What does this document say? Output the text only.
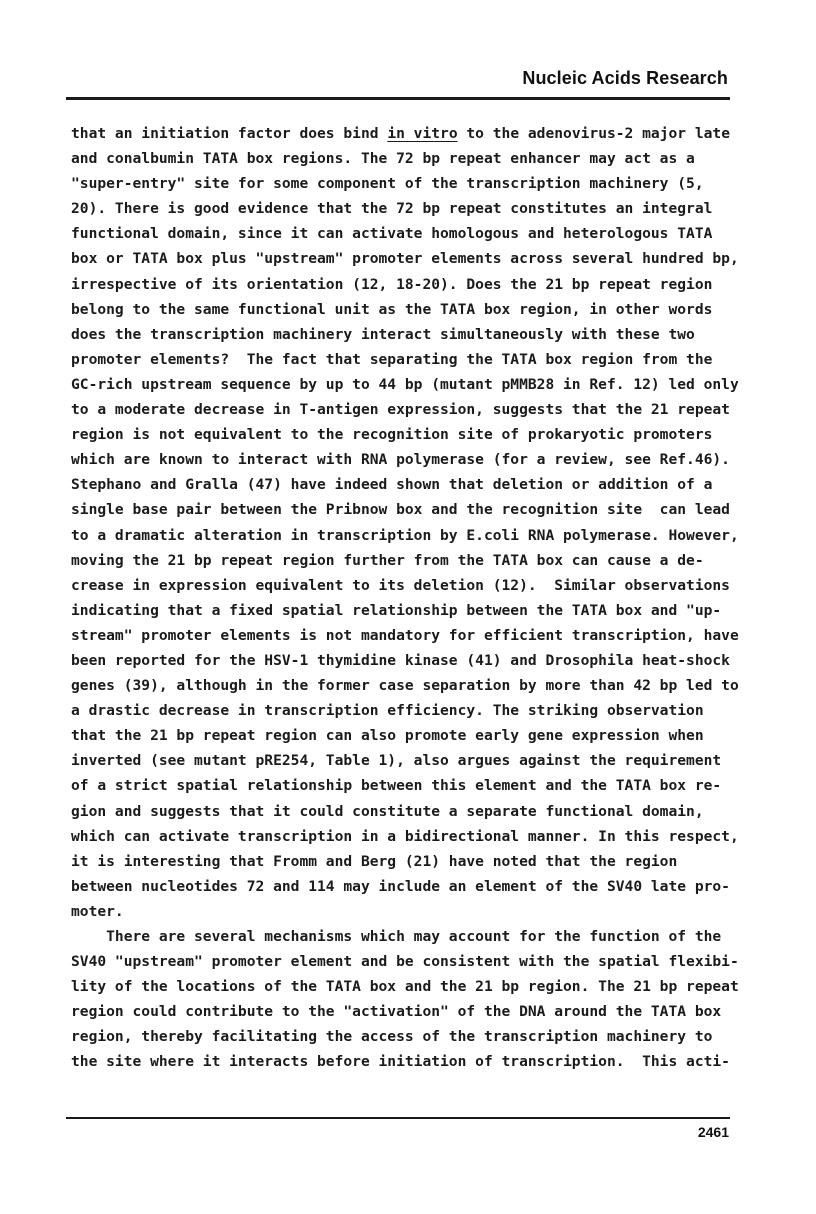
Nucleic Acids Research
that an initiation factor does bind in vitro to the adenovirus-2 major late
and conalbumin TATA box regions. The 72 bp repeat enhancer may act as a
"super-entry" site for some component of the transcription machinery (5,
20). There is good evidence that the 72 bp repeat constitutes an integral
functional domain, since it can activate homologous and heterologous TATA
box or TATA box plus "upstream" promoter elements across several hundred bp,
irrespective of its orientation (12, 18-20). Does the 21 bp repeat region
belong to the same functional unit as the TATA box region, in other words
does the transcription machinery interact simultaneously with these two
promoter elements?  The fact that separating the TATA box region from the
GC-rich upstream sequence by up to 44 bp (mutant pMMB28 in Ref. 12) led only
to a moderate decrease in T-antigen expression, suggests that the 21 repeat
region is not equivalent to the recognition site of prokaryotic promoters
which are known to interact with RNA polymerase (for a review, see Ref.46).
Stephano and Gralla (47) have indeed shown that deletion or addition of a
single base pair between the Pribnow box and the recognition site  can lead
to a dramatic alteration in transcription by E.coli RNA polymerase. However,
moving the 21 bp repeat region further from the TATA box can cause a de-
crease in expression equivalent to its deletion (12).  Similar observations
indicating that a fixed spatial relationship between the TATA box and "up-
stream" promoter elements is not mandatory for efficient transcription, have
been reported for the HSV-1 thymidine kinase (41) and Drosophila heat-shock
genes (39), although in the former case separation by more than 42 bp led to
a drastic decrease in transcription efficiency. The striking observation
that the 21 bp repeat region can also promote early gene expression when
inverted (see mutant pRE254, Table 1), also argues against the requirement
of a strict spatial relationship between this element and the TATA box re-
gion and suggests that it could constitute a separate functional domain,
which can activate transcription in a bidirectional manner. In this respect,
it is interesting that Fromm and Berg (21) have noted that the region
between nucleotides 72 and 114 may include an element of the SV40 late pro-
moter.
There are several mechanisms which may account for the function of the
SV40 "upstream" promoter element and be consistent with the spatial flexibi-
lity of the locations of the TATA box and the 21 bp region. The 21 bp repeat
region could contribute to the "activation" of the DNA around the TATA box
region, thereby facilitating the access of the transcription machinery to
the site where it interacts before initiation of transcription.  This acti-
2461
